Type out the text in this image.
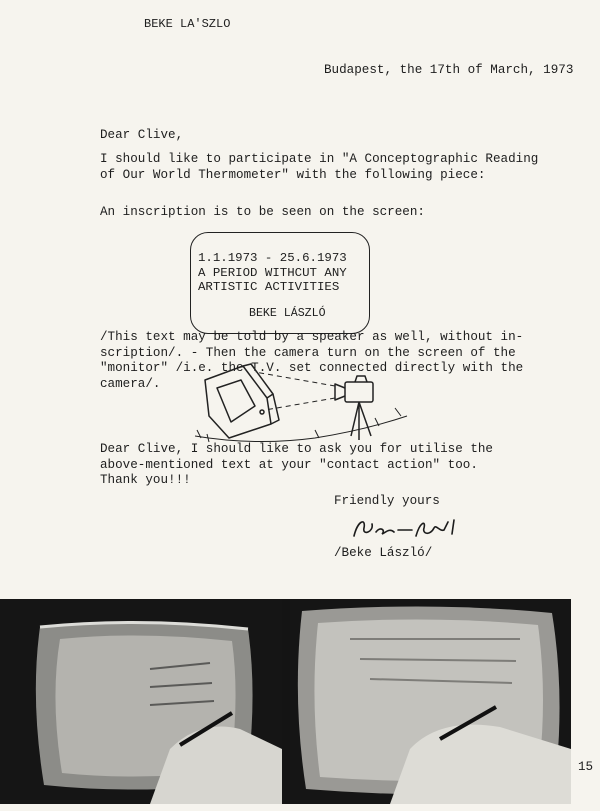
BEKE LA'SZLO

Budapest, the 17th of March, 1973

Dear Clive,

I should like to participate in "A Conceptographic Reading
of Our World Thermometer" with the following piece:

An inscription is to be seen on the screen:

1.1.1973 - 25.6.1973
A PERIOD WITHCUT ANY
ARTISTIC ACTIVITIES

BEKE LÁSZLÓ

/This text may be told by a speaker as well, without in-
scription/. - Then the camera turn on the screen of the
"monitor" /i.e. the T.V. set connected directly with the
camera/.

Dear Clive, I should like to ask you for utilise the
above-mentioned text at your "contact action" too.
Thank you!!!

Friendly yours

/Beke László/

15
